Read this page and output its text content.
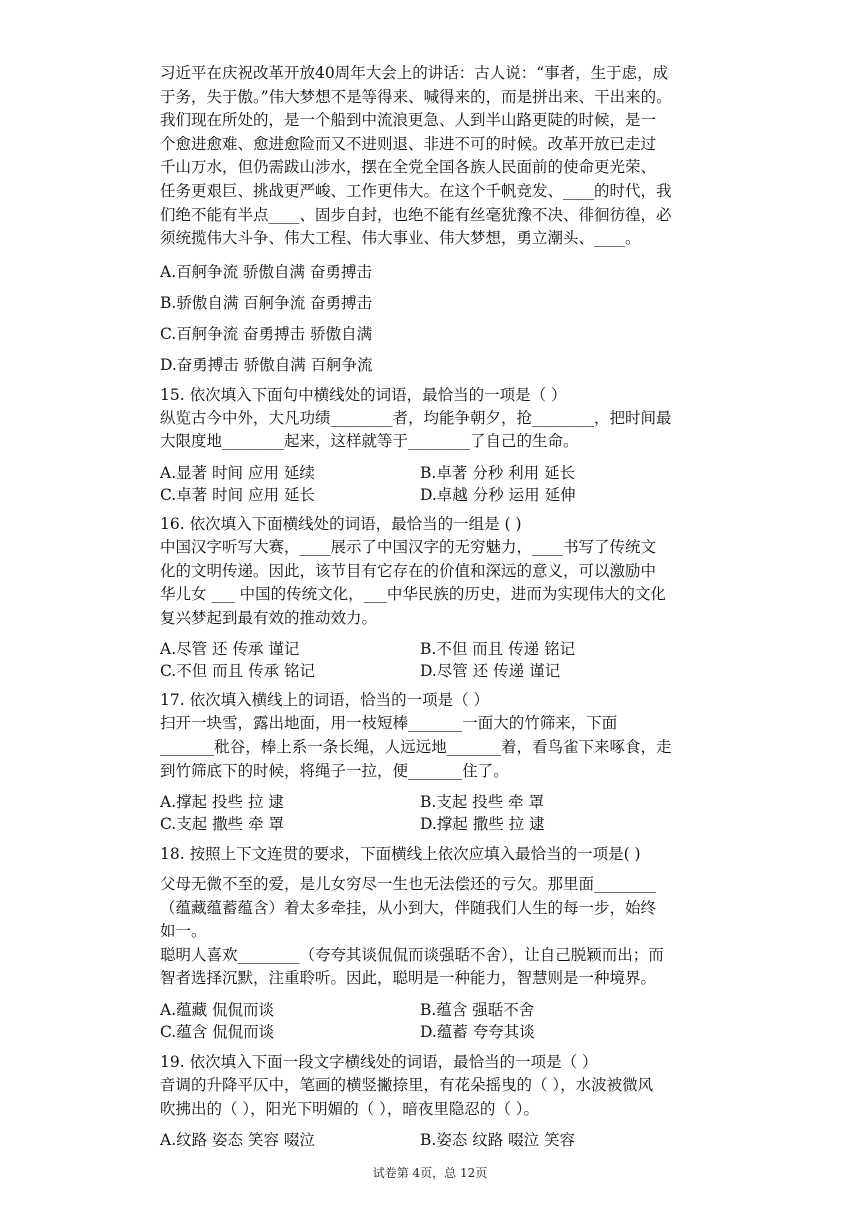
习近平在庆祝改革开放40周年大会上的讲话：古人说：“事者，生于虑，成

于务，失于傲。”伟大梦想不是等得来、喊得来的，而是拼出来、干出来的。

我们现在所处的，是一个船到中流浪更急、人到半山路更陡的时候，是一

个愈进愈难、愈进愈险而又不进则退、非进不可的时候。改革开放已走过

千山万水，但仍需跋山涉水，摆在全党全国各族人民面前的使命更光荣、

任务更艰巨、挑战更严峻、工作更伟大。在这个千帆竞发、____的时代，我

们绝不能有半点____、固步自封，也绝不能有丝毫犹豫不决、徘徊彷徨，必

须统揽伟大斗争、伟大工程、伟大事业、伟大梦想，勇立潮头、____。

A.百舸争流 骄傲自满 奋勇搏击

B.骄傲自满 百舸争流 奋勇搏击

C.百舸争流 奋勇搏击 骄傲自满

D.奋勇搏击 骄傲自满 百舸争流

15. 依次填入下面句中横线处的词语，最恰当的一项是（ ）

纵览古今中外，大凡功绩________者，均能争朝夕，抢________，把时间最

大限度地________起来，这样就等于________了自己的生命。

A.显著 时间 应用 延续	B.卓著 分秒 利用 延长
C.卓著 时间 应用 延长	D.卓越 分秒 运用 延伸

16. 依次填入下面横线处的词语，最恰当的一组是 ( )

中国汉字听写大赛，____展示了中国汉字的无穷魅力，____书写了传统文

化的文明传递。因此，该节目有它存在的价值和深远的意义，可以激励中

华儿女 ___ 中国的传统文化，___中华民族的历史，进而为实现伟大的文化

复兴梦起到最有效的推动效力。

A.尽管 还 传承 谨记	B.不但 而且 传递 铭记
C.不但 而且 传承 铭记	D.尽管 还 传递 谨记

17. 依次填入横线上的词语，恰当的一项是（ ）

扫开一块雪，露出地面，用一枝短棒_______一面大的竹筛来，下面

_______秕谷，棒上系一条长绳，人远远地_______着，看鸟雀下来啄食，走

到竹筛底下的时候，将绳子一拉，便_______住了。

A.撑起 投些 拉 逮	B.支起 投些 牵 罩
C.支起 撒些 牵 罩	D.撑起 撒些 拉 逮

18. 按照上下文连贯的要求，下面横线上依次应填入最恰当的一项是( )

父母无微不至的爱，是儿女穷尽一生也无法偿还的亏欠。那里面________

（蕴藏蕴蓄蕴含）着太多牵挂，从小到大，伴随我们人生的每一步，始终

如一。

聪明人喜欢________（夸夸其谈侃侃而谈强聒不舍），让自己脱颖而出；而

智者选择沉默，注重聆听。因此，聪明是一种能力，智慧则是一种境界。

A.蕴藏 侃侃而谈	B.蕴含 强聒不舍
C.蕴含 侃侃而谈	D.蕴蓄 夸夸其谈

19. 依次填入下面一段文字横线处的词语，最恰当的一项是（ ）

音调的升降平仄中，笔画的横竖撇捺里，有花朵摇曳的（ ），水波被微风

吹拂出的（ ），阳光下明媚的（ ），暗夜里隐忍的（ ）。

A.纹路 姿态 笑容 啜泣	B.姿态 纹路 啜泣 笑容
试卷第 4页，总 12页
